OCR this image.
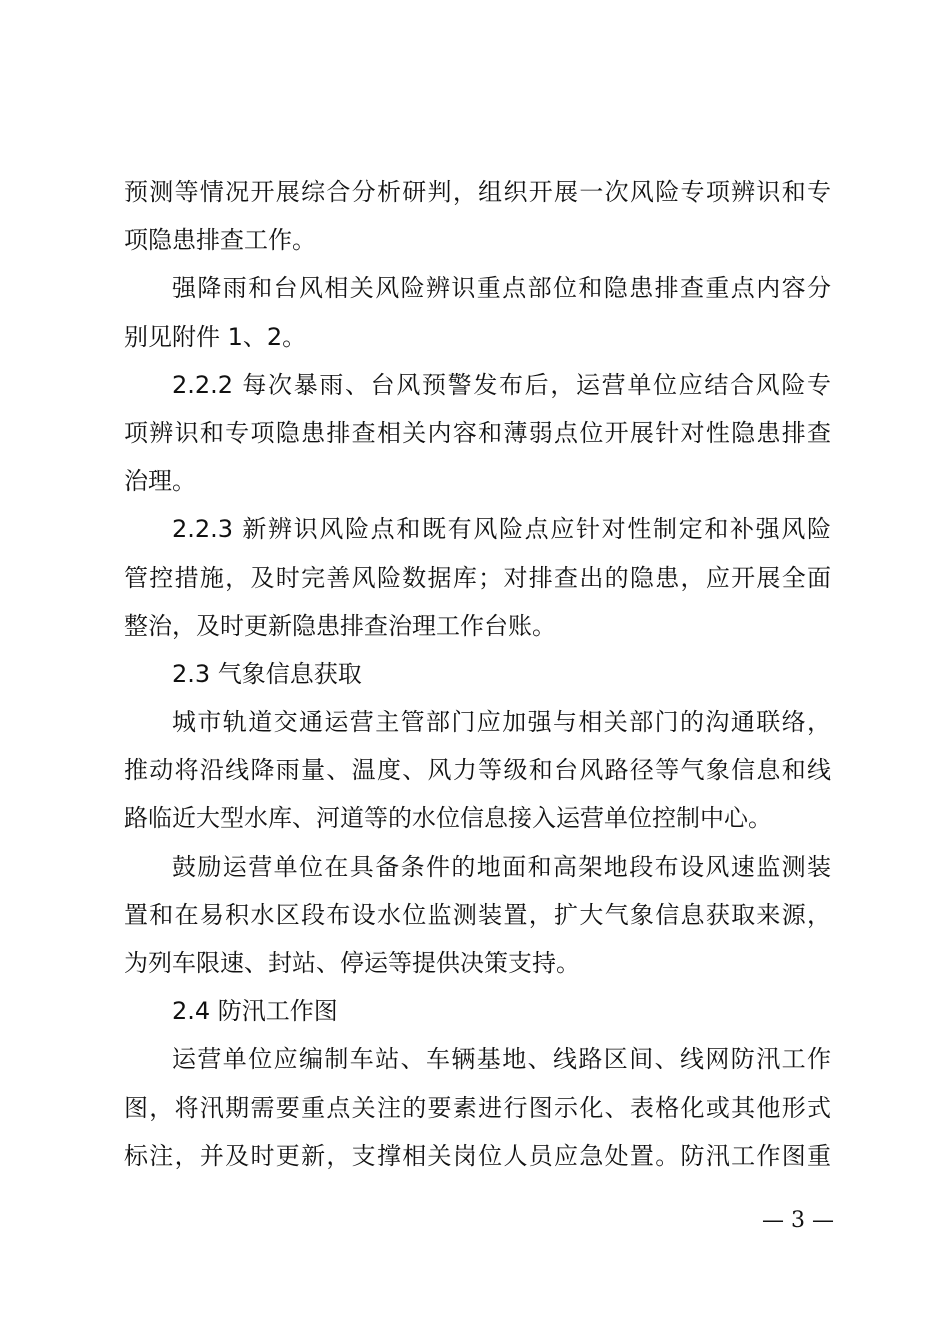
预测等情况开展综合分析研判，组织开展一次风险专项辨识和专
项隐患排查工作。
强降雨和台风相关风险辨识重点部位和隐患排查重点内容分
别见附件 1、2。
2.2.2 每次暴雨、台风预警发布后，运营单位应结合风险专
项辨识和专项隐患排查相关内容和薄弱点位开展针对性隐患排查
治理。
2.2.3 新辨识风险点和既有风险点应针对性制定和补强风险
管控措施，及时完善风险数据库；对排查出的隐患，应开展全面
整治，及时更新隐患排查治理工作台账。
2.3 气象信息获取
城市轨道交通运营主管部门应加强与相关部门的沟通联络，
推动将沿线降雨量、温度、风力等级和台风路径等气象信息和线
路临近大型水库、河道等的水位信息接入运营单位控制中心。
鼓励运营单位在具备条件的地面和高架地段布设风速监测装
置和在易积水区段布设水位监测装置，扩大气象信息获取来源，
为列车限速、封站、停运等提供决策支持。
2.4 防汛工作图
运营单位应编制车站、车辆基地、线路区间、线网防汛工作
图，将汛期需要重点关注的要素进行图示化、表格化或其他形式
标注，并及时更新，支撑相关岗位人员应急处置。防汛工作图重
— 3 —
